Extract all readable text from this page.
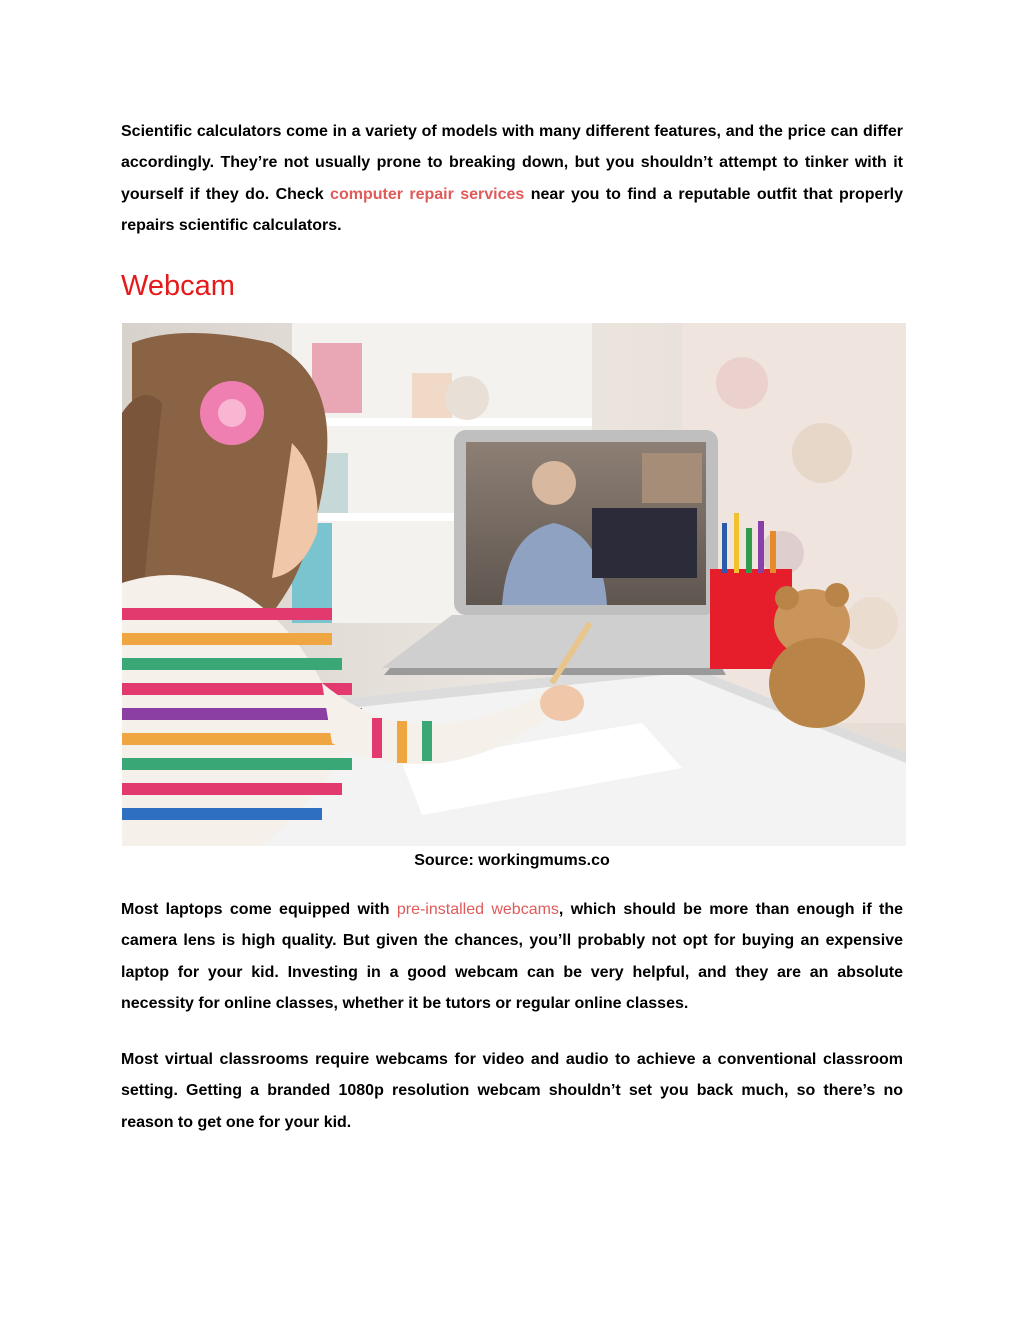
Scientific calculators come in a variety of models with many different features, and the price can differ accordingly. They’re not usually prone to breaking down, but you shouldn’t attempt to tinker with it yourself if they do. Check computer repair services near you to find a reputable outfit that properly repairs scientific calculators.

Webcam
Source: workingmums.co

Most laptops come equipped with pre-installed webcams, which should be more than enough if the camera lens is high quality. But given the chances, you’ll probably not opt for buying an expensive laptop for your kid. Investing in a good webcam can be very helpful, and they are an absolute necessity for online classes, whether it be tutors or regular online classes.

Most virtual classrooms require webcams for video and audio to achieve a conventional classroom setting. Getting a branded 1080p resolution webcam shouldn’t set you back much, so there’s no reason to get one for your kid.
